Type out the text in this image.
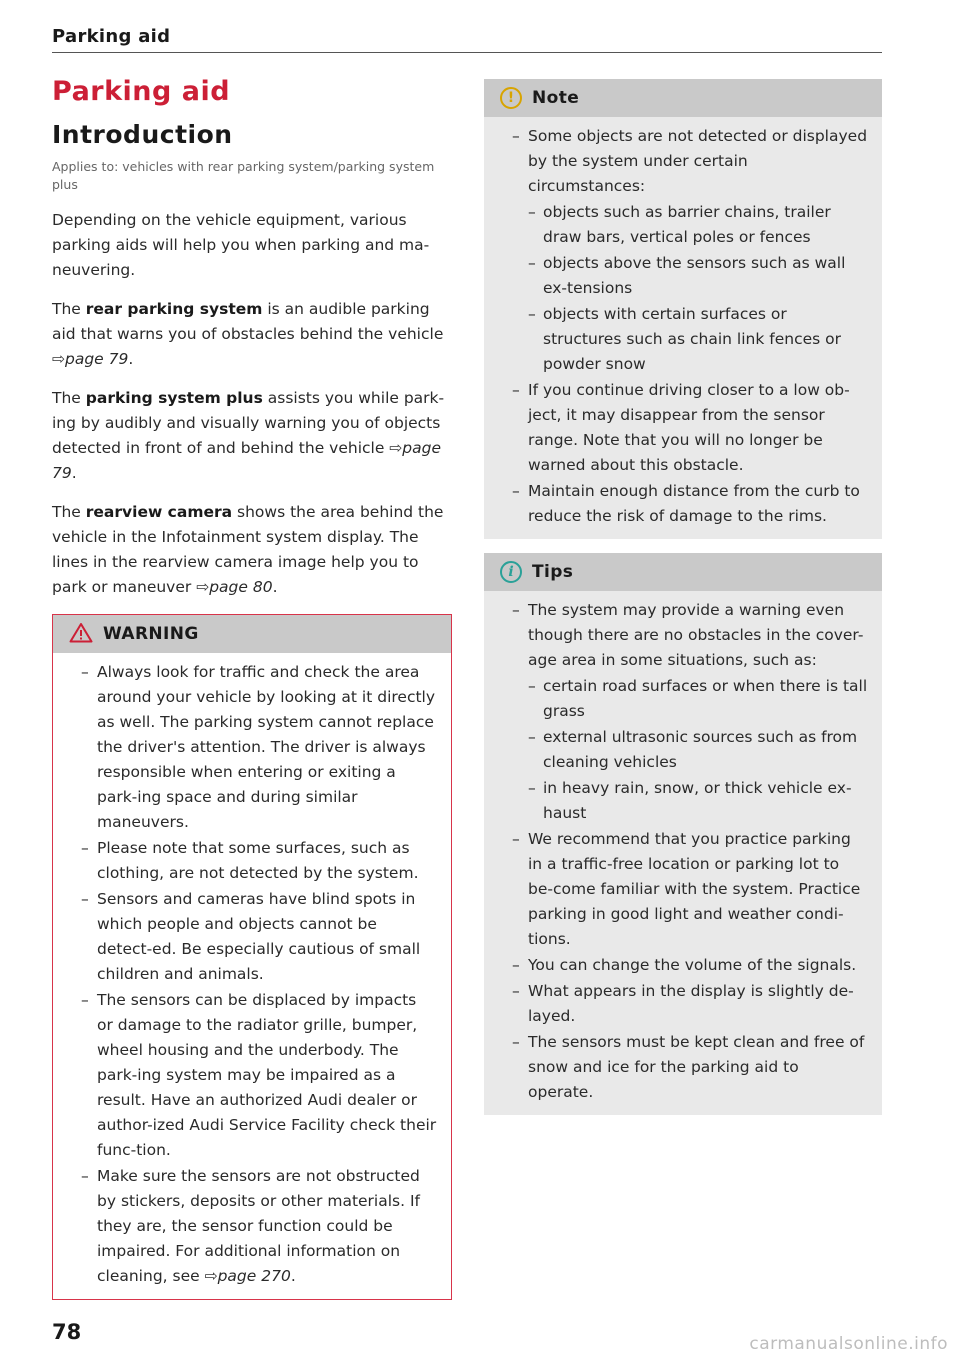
Parking aid
Parking aid
Introduction
Applies to: vehicles with rear parking system/parking system plus

Depending on the vehicle equipment, various parking aids will help you when parking and ma-neuvering.

The rear parking system is an audible parking aid that warns you of obstacles behind the vehicle ⇨page 79.

The parking system plus assists you while park-ing by audibly and visually warning you of objects detected in front of and behind the vehicle ⇨page 79.

The rearview camera shows the area behind the vehicle in the Infotainment system display. The lines in the rearview camera image help you to park or maneuver ⇨page 80.

WARNING
– Always look for traffic and check the area around your vehicle by looking at it directly as well. The parking system cannot replace the driver's attention. The driver is always responsible when entering or exiting a park-ing space and during similar maneuvers.
– Please note that some surfaces, such as clothing, are not detected by the system.
– Sensors and cameras have blind spots in which people and objects cannot be detect-ed. Be especially cautious of small children and animals.
– The sensors can be displaced by impacts or damage to the radiator grille, bumper, wheel housing and the underbody. The park-ing system may be impaired as a result. Have an authorized Audi dealer or author-ized Audi Service Facility check their func-tion.
– Make sure the sensors are not obstructed by stickers, deposits or other materials. If they are, the sensor function could be impaired. For additional information on cleaning, see ⇨page 270.
!	Note
– Some objects are not detected or displayed by the system under certain circumstances:
– objects such as barrier chains, trailer draw bars, vertical poles or fences
– objects above the sensors such as wall ex-tensions
– objects with certain surfaces or structures such as chain link fences or powder snow
– If you continue driving closer to a low ob-ject, it may disappear from the sensor range. Note that you will no longer be warned about this obstacle.
– Maintain enough distance from the curb to reduce the risk of damage to the rims.
i	Tips
– The system may provide a warning even though there are no obstacles in the cover-age area in some situations, such as:
– certain road surfaces or when there is tall grass
– external ultrasonic sources such as from cleaning vehicles
– in heavy rain, snow, or thick vehicle ex-haust
– We recommend that you practice parking in a traffic-free location or parking lot to be-come familiar with the system. Practice parking in good light and weather condi-tions.
– You can change the volume of the signals.
– What appears in the display is slightly de-layed.
– The sensors must be kept clean and free of snow and ice for the parking aid to operate.
78	carmanualsonline.info
